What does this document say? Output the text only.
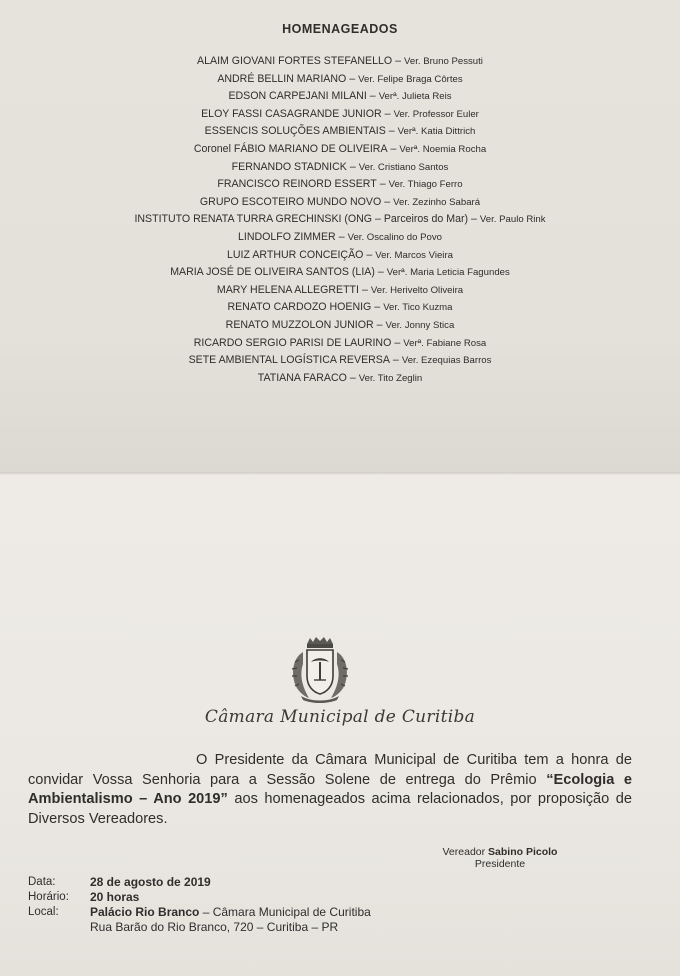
HOMENAGEADOS
ALAIM GIOVANI FORTES STEFANELLO – Ver. Bruno Pessuti
ANDRÉ BELLIN MARIANO – Ver. Felipe Braga Côrtes
EDSON CARPEJANI MILANI – Verª. Julieta Reis
ELOY FASSI CASAGRANDE JUNIOR – Ver. Professor Euler
ESSENCIS SOLUÇÕES AMBIENTAIS – Verª. Katia Dittrich
Coronel FÁBIO MARIANO DE OLIVEIRA – Verª. Noemia Rocha
FERNANDO STADNICK – Ver. Cristiano Santos
FRANCISCO REINORD ESSERT – Ver. Thiago Ferro
GRUPO ESCOTEIRO MUNDO NOVO – Ver. Zezinho Sabará
INSTITUTO RENATA TURRA GRECHINSKI (ONG – Parceiros do Mar) – Ver. Paulo Rink
LINDOLFO ZIMMER – Ver. Oscalino do Povo
LUIZ ARTHUR CONCEIÇÃO – Ver. Marcos Vieira
MARIA JOSÉ DE OLIVEIRA SANTOS (LIA) – Verª. Maria Leticia Fagundes
MARY HELENA ALLEGRETTI – Ver. Herivelto Oliveira
RENATO CARDOZO HOENIG – Ver. Tico Kuzma
RENATO MUZZOLON JUNIOR – Ver. Jonny Stica
RICARDO SERGIO PARISI DE LAURINO – Verª. Fabiane Rosa
SETE AMBIENTAL LOGÍSTICA REVERSA – Ver. Ezequias Barros
TATIANA FARACO – Ver. Tito Zeglin
Câmara Municipal de Curitiba

O Presidente da Câmara Municipal de Curitiba tem a honra de convidar Vossa Senhoria para a Sessão Solene de entrega do Prêmio “Ecologia e Ambientalismo – Ano 2019” aos homenageados acima relacionados, por proposição de Diversos Vereadores.

Vereador Sabino Picolo
Presidente
Data:	28 de agosto de 2019
Horário:	20 horas
Local:	Palácio Rio Branco – Câmara Municipal de Curitiba
Rua Barão do Rio Branco, 720 – Curitiba – PR
